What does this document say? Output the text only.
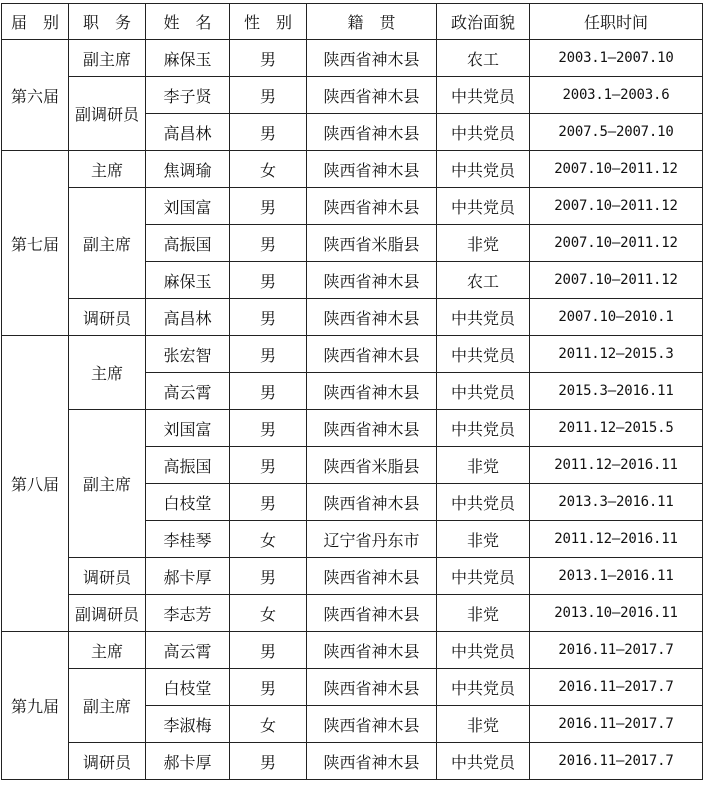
届　别	职　务	姓　名	性　别	籍　贯	政治面貌	任职时间
第六届	副主席	麻保玉	男	陕西省神木县	农工	2003.1—2007.10
	副调研员	李子贤	男	陕西省神木县	中共党员	2003.1—2003.6
		高昌林	男	陕西省神木县	中共党员	2007.5—2007.10
第七届	主席	焦调瑜	女	陕西省神木县	中共党员	2007.10—2011.12
	副主席	刘国富	男	陕西省神木县	中共党员	2007.10—2011.12
		高振国	男	陕西省米脂县	非党	2007.10—2011.12
		麻保玉	男	陕西省神木县	农工	2007.10—2011.12
	调研员	高昌林	男	陕西省神木县	中共党员	2007.10—2010.1
第八届	主席	张宏智	男	陕西省神木县	中共党员	2011.12—2015.3
		高云霄	男	陕西省神木县	中共党员	2015.3—2016.11
	副主席	刘国富	男	陕西省神木县	中共党员	2011.12—2015.5
		高振国	男	陕西省米脂县	非党	2011.12—2016.11
		白枝堂	男	陕西省神木县	中共党员	2013.3—2016.11
		李桂琴	女	辽宁省丹东市	非党	2011.12—2016.11
	调研员	郝卡厚	男	陕西省神木县	中共党员	2013.1—2016.11
	副调研员	李志芳	女	陕西省神木县	非党	2013.10—2016.11
第九届	主席	高云霄	男	陕西省神木县	中共党员	2016.11—2017.7
	副主席	白枝堂	男	陕西省神木县	中共党员	2016.11—2017.7
		李淑梅	女	陕西省神木县	非党	2016.11—2017.7
	调研员	郝卡厚	男	陕西省神木县	中共党员	2016.11—2017.7
